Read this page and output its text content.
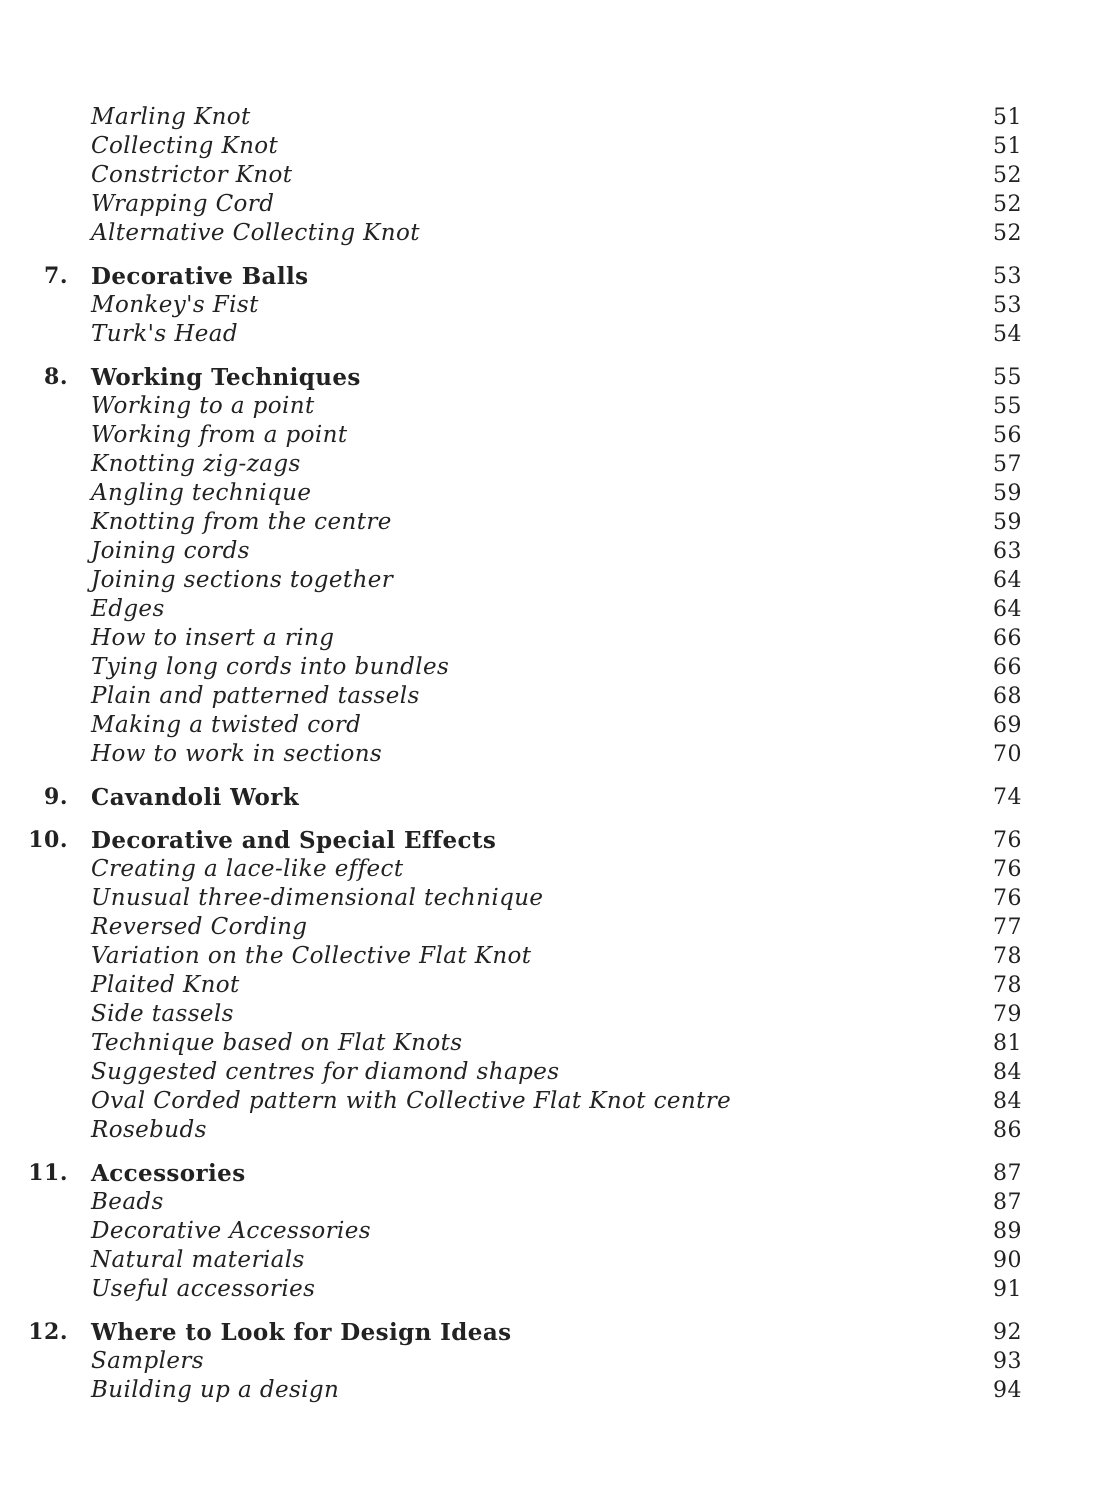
Marling Knot	51
Collecting Knot	51
Constrictor Knot	52
Wrapping Cord	52
Alternative Collecting Knot	52
7. Decorative Balls	53
Monkey's Fist	53
Turk's Head	54
8. Working Techniques	55
Working to a point	55
Working from a point	56
Knotting zig-zags	57
Angling technique	59
Knotting from the centre	59
Joining cords	63
Joining sections together	64
Edges	64
How to insert a ring	66
Tying long cords into bundles	66
Plain and patterned tassels	68
Making a twisted cord	69
How to work in sections	70
9. Cavandoli Work	74
10. Decorative and Special Effects	76
Creating a lace-like effect	76
Unusual three-dimensional technique	76
Reversed Cording	77
Variation on the Collective Flat Knot	78
Plaited Knot	78
Side tassels	79
Technique based on Flat Knots	81
Suggested centres for diamond shapes	84
Oval Corded pattern with Collective Flat Knot centre	84
Rosebuds	86
11. Accessories	87
Beads	87
Decorative Accessories	89
Natural materials	90
Useful accessories	91
12. Where to Look for Design Ideas	92
Samplers	93
Building up a design	94
